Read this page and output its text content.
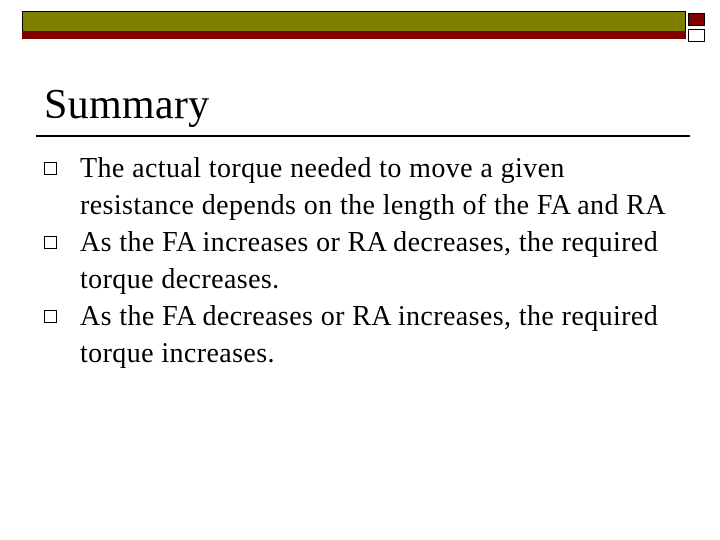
Summary
The actual torque needed to move a given resistance depends on the length of the FA and RA
As the FA increases or RA decreases, the required torque decreases.
As the FA decreases or RA increases, the required torque increases.
